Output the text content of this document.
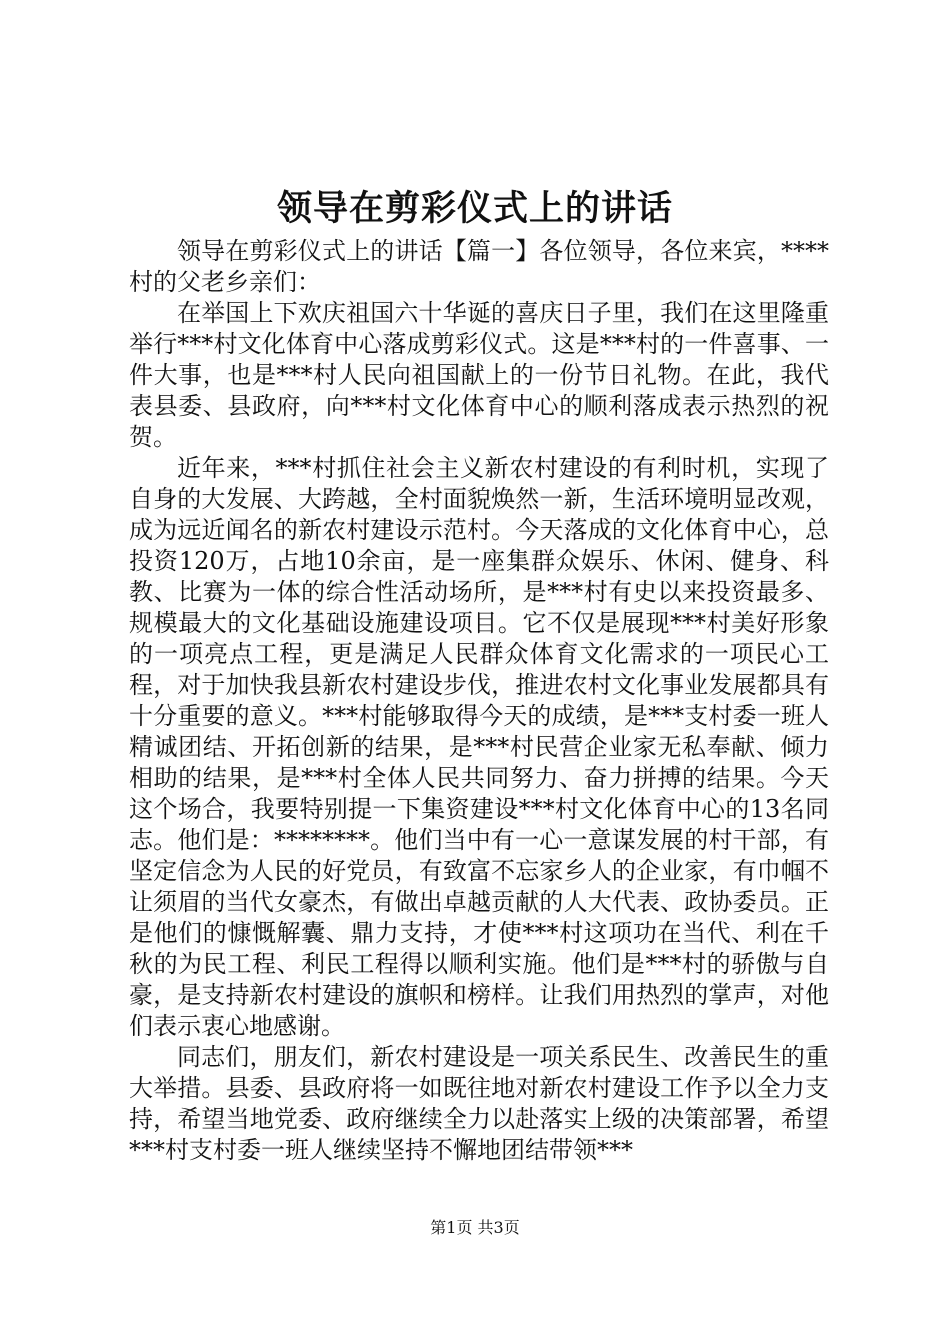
领导在剪彩仪式上的讲话

领导在剪彩仪式上的讲话【篇一】各位领导，各位来宾，****村的父老乡亲们：

在举国上下欢庆祖国六十华诞的喜庆日子里，我们在这里隆重举行***村文化体育中心落成剪彩仪式。这是***村的一件喜事、一件大事，也是***村人民向祖国献上的一份节日礼物。在此，我代表县委、县政府，向***村文化体育中心的顺利落成表示热烈的祝贺。

近年来，***村抓住社会主义新农村建设的有利时机，实现了自身的大发展、大跨越，全村面貌焕然一新，生活环境明显改观，成为远近闻名的新农村建设示范村。今天落成的文化体育中心，总投资120万，占地10余亩，是一座集群众娱乐、休闲、健身、科教、比赛为一体的综合性活动场所，是***村有史以来投资最多、规模最大的文化基础设施建设项目。它不仅是展现***村美好形象的一项亮点工程，更是满足人民群众体育文化需求的一项民心工程，对于加快我县新农村建设步伐，推进农村文化事业发展都具有十分重要的意义。***村能够取得今天的成绩，是***支村委一班人精诚团结、开拓创新的结果，是***村民营企业家无私奉献、倾力相助的结果，是***村全体人民共同努力、奋力拼搏的结果。今天这个场合，我要特别提一下集资建设***村文化体育中心的13名同志。他们是：********。他们当中有一心一意谋发展的村干部，有坚定信念为人民的好党员，有致富不忘家乡人的企业家，有巾帼不让须眉的当代女豪杰，有做出卓越贡献的人大代表、政协委员。正是他们的慷慨解囊、鼎力支持，才使***村这项功在当代、利在千秋的为民工程、利民工程得以顺利实施。他们是***村的骄傲与自豪，是支持新农村建设的旗帜和榜样。让我们用热烈的掌声，对他们表示衷心地感谢。

同志们，朋友们，新农村建设是一项关系民生、改善民生的重大举措。县委、县政府将一如既往地对新农村建设工作予以全力支持，希望当地党委、政府继续全力以赴落实上级的决策部署，希望***村支村委一班人继续坚持不懈地团结带领***

第1页 共3页
